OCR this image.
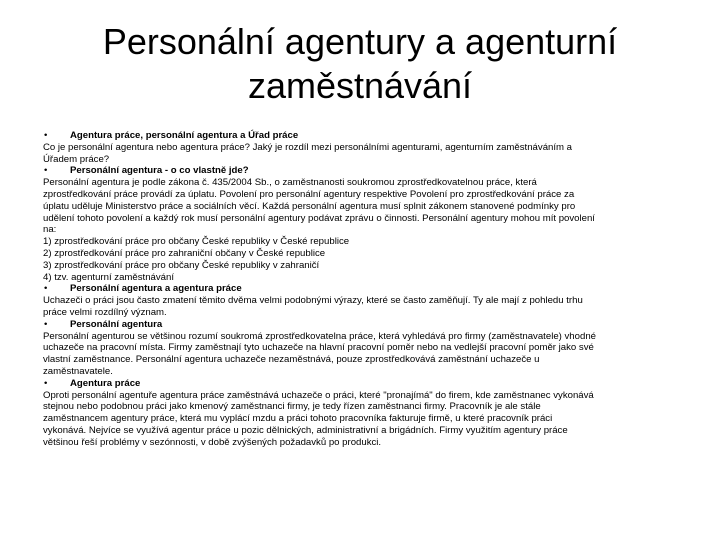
Personální agentury a agenturní
zaměstnávání
• Agentura práce, personální agentura a Úřad práce
Co je personální agentura nebo agentura práce? Jaký je rozdíl mezi personálními agenturami, agenturním zaměstnáváním a
Úřadem práce?
• Personální agentura - o co vlastně jde?
Personální agentura je podle zákona č. 435/2004 Sb., o zaměstnanosti soukromou zprostředkovatelnou práce, která
zprostředkování práce provádí za úplatu. Povolení pro personální agentury respektive Povolení pro zprostředkování práce za
úplatu uděluje Ministerstvo práce a sociálních věcí. Každá personální agentura musí splnit zákonem stanovené podmínky pro
udělení tohoto povolení a každý rok musí personální agentury podávat zprávu o činnosti. Personální agentury mohou mít povolení
na:
1) zprostředkování práce pro občany České republiky v České republice
2) zprostředkování práce pro zahraniční občany v České republice
3) zprostředkování práce pro občany České republiky v zahraničí
4) tzv. agenturní zaměstnávání
• Personální agentura a agentura práce
Uchazeči o práci jsou často zmatení těmito dvěma velmi podobnými výrazy, které se často zaměňují. Ty ale mají z pohledu trhu
práce velmi rozdílný význam.
• Personální agentura
Personální agenturou se většinou rozumí soukromá zprostředkovatelna práce, která vyhledává pro firmy (zaměstnavatele) vhodné
uchazeče na pracovní místa. Firmy zaměstnají tyto uchazeče na hlavní pracovní poměr nebo na vedlejší pracovní poměr jako své
vlastní zaměstnance. Personální agentura uchazeče nezaměstnává, pouze zprostředkovává zaměstnání uchazeče u
zaměstnavatele.
• Agentura práce
Oproti personální agentuře agentura práce zaměstnává uchazeče o práci, které "pronajímá" do firem, kde zaměstnanec vykonává
stejnou nebo podobnou práci jako kmenový zaměstnanci firmy, je tedy řízen zaměstnanci firmy. Pracovník je ale stále
zaměstnancem agentury práce, která mu vyplácí mzdu a práci tohoto pracovníka fakturuje firmě, u které pracovník práci
vykonává. Nejvíce se využívá agentur práce u pozic dělnických, administrativní a brigádních. Firmy využitím agentury práce
většinou řeší problémy v sezónnosti, v době zvýšených požadavků po produkci.
